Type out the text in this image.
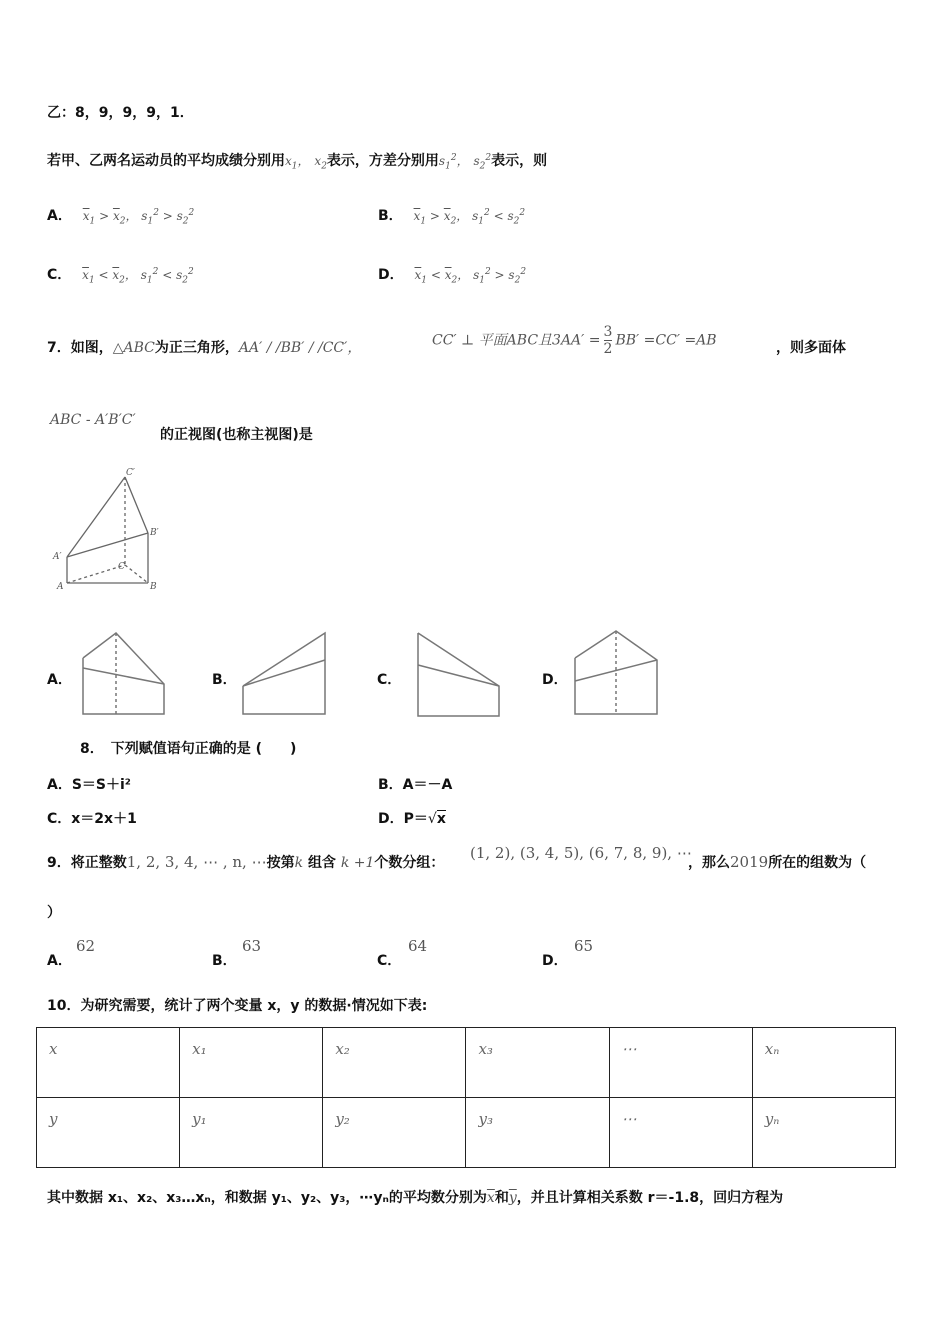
乙：8，9，9，9，1．
若甲、乙两名运动员的平均成绩分别用$x_1$， $x_2$表示，方差分别用$s_1^2$， $s_2^2$表示，则
A． $\overline{x}_1 > \overline{x}_2$， $s_1^2 > s_2^2$	B． $\overline{x}_1 > \overline{x}_2$， $s_1^2 < s_2^2$
C． $\overline{x}_1 < \overline{x}_2$， $s_1^2 < s_2^2$	D． $\overline{x}_1 < \overline{x}_2$， $s_1^2 > s_2^2$
7．如图，△ABC为正三角形，AA′ / /BB′ / /CC′，	CC′ ⊥ 平面ABC且$3AA' = \frac{3}{2} BB' =CC' =AB$	，则多面体
ABC - A′B′C′
的正视图(也称主视图)是
C′
B′
A′
C
A	B
A．	B．	C．	D．
8．　下列赋值语句正确的是 (　　)
A．S＝S＋i²	B．A＝－A
C．x＝2x＋1	D．P＝√x
9．将正整数1, 2, 3, 4, ⋯ , n, ⋯按第k 组含 k +1个数分组：
(1, 2), (3, 4, 5), (6, 7, 8, 9), ⋯
，那么2019所在的组数为（
）
A．
62
B．
63
C．
64
D．
65
10．为研究需要，统计了两个变量 x，y 的数据·情况如下表:
x	x₁	x₂	x₃	⋯	xₙ
y	y₁	y₂	y₃	⋯	yₙ
其中数据 x₁、x₂、x₃…xₙ，和数据 y₁、y₂、y₃，⋯yₙ的平均数分别为$\overline{x}$和$\overline{y}$，并且计算相关系数 r＝-1.8，回归方程为
